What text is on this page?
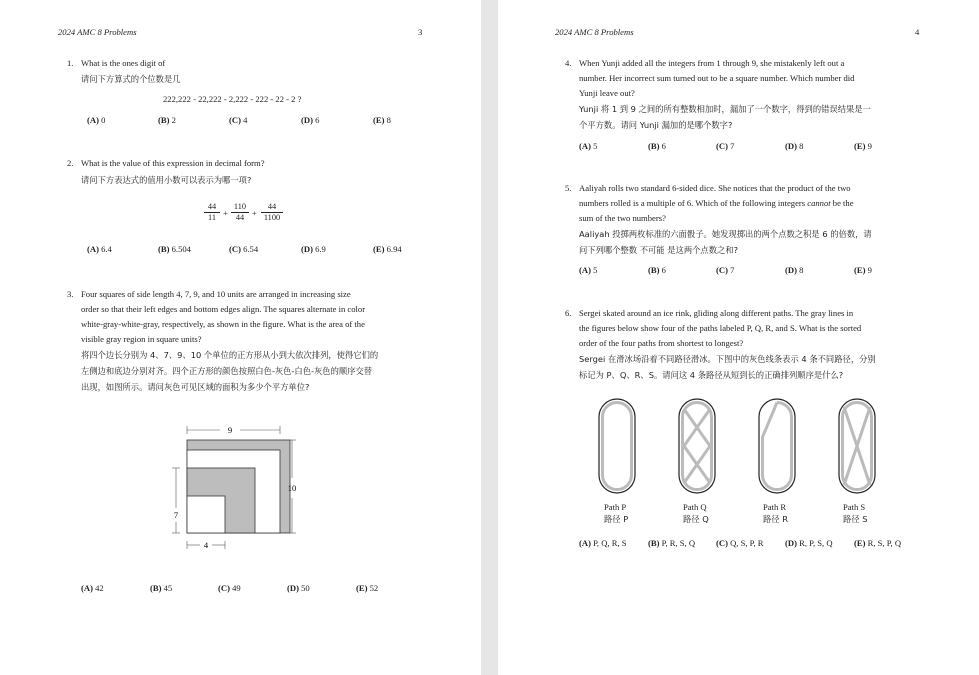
2024 AMC 8 Problems	3
1. What is the ones digit of
请问下方算式的个位数是几
222,222 - 22,222 - 2,222 - 222 - 22 - 2 ?
(A) 0	(B) 2	(C) 4	(D) 6	(E) 8
2. What is the value of this expression in decimal form?
请问下方表达式的值用小数可以表示为哪一项?
$\frac{44}{11} + \frac{110}{44} + \frac{44}{1100}$
(A) 6.4	(B) 6.504	(C) 6.54	(D) 6.9	(E) 6.94
3. Four squares of side length 4, 7, 9, and 10 units are arranged in increasing size
order so that their left edges and bottom edges align. The squares alternate in color
white-gray-white-gray, respectively, as shown in the figure. What is the area of the
visible gray region in square units?
将四个边长分别为 4、7、9、10 个单位的正方形从小到大依次排列，使得它们的
左侧边和底边分别对齐。四个正方形的颜色按照白色-灰色-白色-灰色的顺序交替
出现，如图所示。请问灰色可见区域的面积为多少个平方单位?
9
10
7
4
(A) 42	(B) 45	(C) 49	(D) 50	(E) 52
2024 AMC 8 Problems	4
4. When Yunji added all the integers from 1 through 9, she mistakenly left out a
number. Her incorrect sum turned out to be a square number. Which number did
Yunji leave out?
Yunji 将 1 到 9 之间的所有整数相加时，漏加了一个数字，得到的错误结果是一
个平方数。请问 Yunji 漏加的是哪个数字?
(A) 5	(B) 6	(C) 7	(D) 8	(E) 9
5. Aaliyah rolls two standard 6-sided dice. She notices that the product of the two
numbers rolled is a multiple of 6. Which of the following integers cannot be the
sum of the two numbers?
Aaliyah 投掷两枚标准的六面骰子。她发现掷出的两个点数之积是 6 的倍数，请
问下列哪个整数 不可能 是这两个点数之和?
(A) 5	(B) 6	(C) 7	(D) 8	(E) 9
6. Sergei skated around an ice rink, gliding along different paths. The gray lines in
the figures below show four of the paths labeled P, Q, R, and S. What is the sorted
order of the four paths from shortest to longest?
Sergei 在滑冰场沿着不同路径滑冰。下图中的灰色线条表示 4 条不同路径，分别
标记为 P、Q、R、S。请问这 4 条路径从短到长的正确排列顺序是什么?
Path P
路径 P
Path Q
路径 Q
Path R
路径 R
Path S
路径 S
(A) P, Q, R, S (B) P, R, S, Q (C) Q, S, P, R (D) R, P, S, Q (E) R, S, P, Q
